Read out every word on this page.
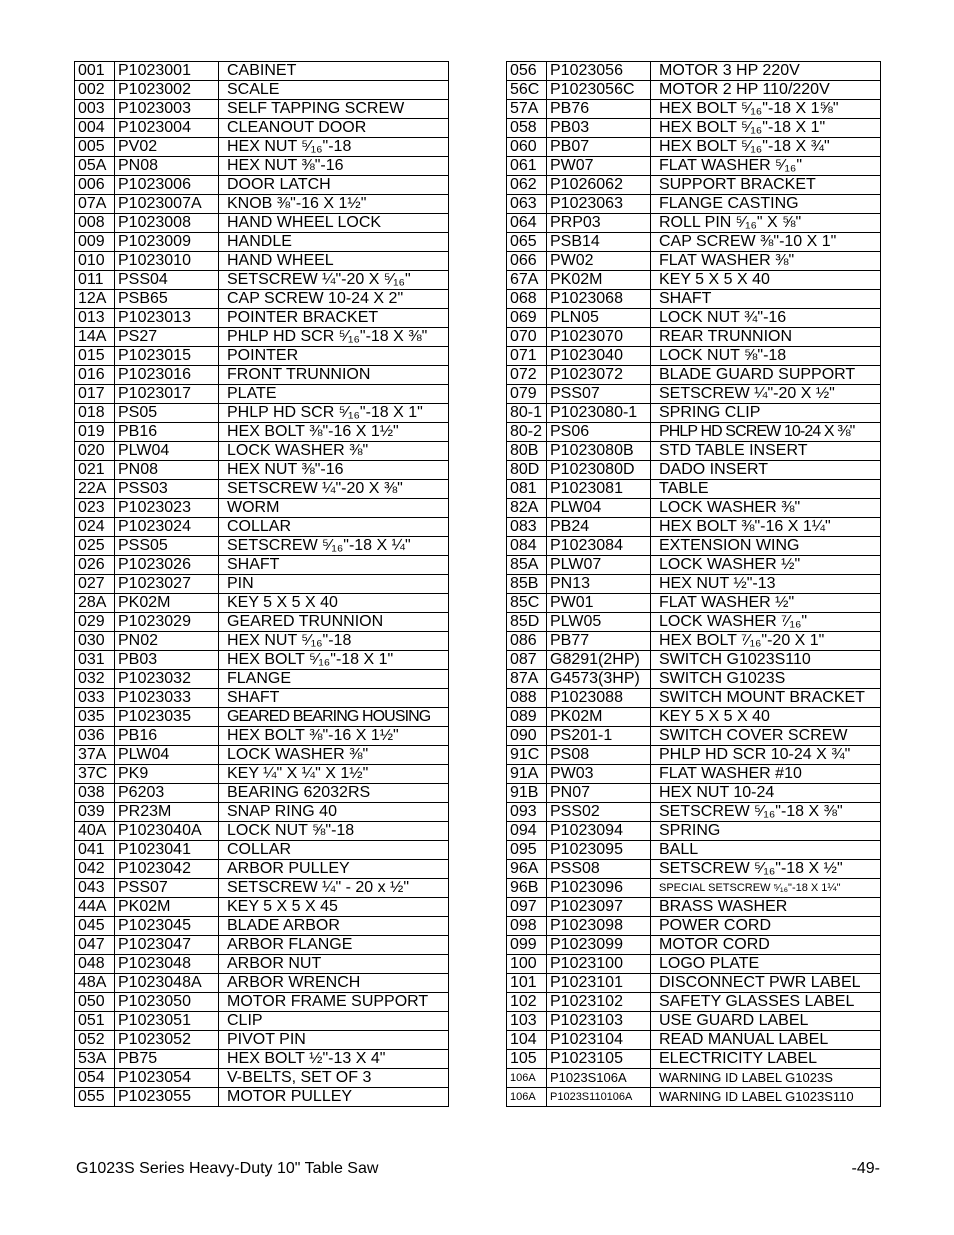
001	P1023001	CABINET
002	P1023002	SCALE
003	P1023003	SELF TAPPING SCREW
004	P1023004	CLEANOUT DOOR
005	PV02	HEX NUT ⁵⁄₁₆"-18
05A	PN08	HEX NUT ⅜"-16
006	P1023006	DOOR LATCH
07A	P1023007A	KNOB ⅜"-16 X 1½"
008	P1023008	HAND WHEEL LOCK
009	P1023009	HANDLE
010	P1023010	HAND WHEEL
011	PSS04	SETSCREW ¼"-20 X ⁵⁄₁₆"
12A	PSB65	CAP SCREW 10-24 X 2"
013	P1023013	POINTER BRACKET
14A	PS27	PHLP HD SCR ⁵⁄₁₆"-18 X ⅜"
015	P1023015	POINTER
016	P1023016	FRONT TRUNNION
017	P1023017	PLATE
018	PS05	PHLP HD SCR ⁵⁄₁₆"-18 X 1"
019	PB16	HEX BOLT ⅜"-16 X 1½"
020	PLW04	LOCK WASHER ⅜"
021	PN08	HEX NUT ⅜"-16
22A	PSS03	SETSCREW ¼"-20 X ⅜"
023	P1023023	WORM
024	P1023024	COLLAR
025	PSS05	SETSCREW ⁵⁄₁₆"-18 X ¼"
026	P1023026	SHAFT
027	P1023027	PIN
28A	PK02M	KEY 5 X 5 X 40
029	P1023029	GEARED TRUNNION
030	PN02	HEX NUT ⁵⁄₁₆"-18
031	PB03	HEX BOLT ⁵⁄₁₆"-18 X 1"
032	P1023032	FLANGE
033	P1023033	SHAFT
035	P1023035	GEARED BEARING HOUSING
036	PB16	HEX BOLT ⅜"-16 X 1½"
37A	PLW04	LOCK WASHER ⅜"
37C	PK9	KEY ¼" X ¼" X 1½"
038	P6203	BEARING 62032RS
039	PR23M	SNAP RING 40
40A	P1023040A	LOCK NUT ⅝"-18
041	P1023041	COLLAR
042	P1023042	ARBOR PULLEY
043	PSS07	SETSCREW ¼" - 20 x ½"
44A	PK02M	KEY 5 X 5 X 45
045	P1023045	BLADE ARBOR
047	P1023047	ARBOR FLANGE
048	P1023048	ARBOR NUT
48A	P1023048A	ARBOR WRENCH
050	P1023050	MOTOR FRAME SUPPORT
051	P1023051	CLIP
052	P1023052	PIVOT PIN
53A	PB75	HEX BOLT ½"-13 X 4"
054	P1023054	V-BELTS, SET OF 3
055	P1023055	MOTOR PULLEY
056	P1023056	MOTOR 3 HP 220V
56C	P1023056C	MOTOR 2 HP 110/220V
57A	PB76	HEX BOLT ⁵⁄₁₆"-18 X 1⅝"
058	PB03	HEX BOLT ⁵⁄₁₆"-18 X 1"
060	PB07	HEX BOLT ⁵⁄₁₆"-18 X ¾"
061	PW07	FLAT WASHER ⁵⁄₁₆"
062	P1026062	SUPPORT BRACKET
063	P1023063	FLANGE CASTING
064	PRP03	ROLL PIN ⁵⁄₁₆" X ⅝"
065	PSB14	CAP SCREW ⅜"-10 X 1"
066	PW02	FLAT WASHER ⅜"
67A	PK02M	KEY 5 X 5 X 40
068	P1023068	SHAFT
069	PLN05	LOCK NUT ¾"-16
070	P1023070	REAR TRUNNION
071	P1023040	LOCK NUT ⅝"-18
072	P1023072	BLADE GUARD SUPPORT
079	PSS07	SETSCREW ¼"-20 X ½"
80-1	P1023080-1	SPRING CLIP
80-2	PS06	PHLP HD SCREW 10-24 X ⅜"
80B	P1023080B	STD TABLE INSERT
80D	P1023080D	DADO INSERT
081	P1023081	TABLE
82A	PLW04	LOCK WASHER ⅜"
083	PB24	HEX BOLT ⅜"-16 X 1¼"
084	P1023084	EXTENSION WING
85A	PLW07	LOCK WASHER ½"
85B	PN13	HEX NUT ½"-13
85C	PW01	FLAT WASHER ½"
85D	PLW05	LOCK WASHER ⁷⁄₁₆"
086	PB77	HEX BOLT ⁷⁄₁₆"-20 X 1"
087	G8291(2HP)	SWITCH G1023S110
87A	G4573(3HP)	SWITCH G1023S
088	P1023088	SWITCH MOUNT BRACKET
089	PK02M	KEY 5 X 5 X 40
090	PS201-1	SWITCH COVER SCREW
91C	PS08	PHLP HD SCR 10-24 X ¾"
91A	PW03	FLAT WASHER #10
91B	PN07	HEX NUT 10-24
093	PSS02	SETSCREW ⁵⁄₁₆"-18 X ⅜"
094	P1023094	SPRING
095	P1023095	BALL
96A	PSS08	SETSCREW ⁵⁄₁₆"-18 X ½"
96B	P1023096	SPECIAL SETSCREW ⁵⁄₁₆"-18 X 1¼"
097	P1023097	BRASS WASHER
098	P1023098	POWER CORD
099	P1023099	MOTOR CORD
100	P1023100	LOGO PLATE
101	P1023101	DISCONNECT PWR LABEL
102	P1023102	SAFETY GLASSES LABEL
103	P1023103	USE GUARD LABEL
104	P1023104	READ MANUAL LABEL
105	P1023105	ELECTRICITY LABEL
106A	P1023S106A	WARNING ID LABEL G1023S
106A	P1023S110106A	WARNING ID LABEL G1023S110
G1023S Series Heavy-Duty 10" Table Saw	-49-
